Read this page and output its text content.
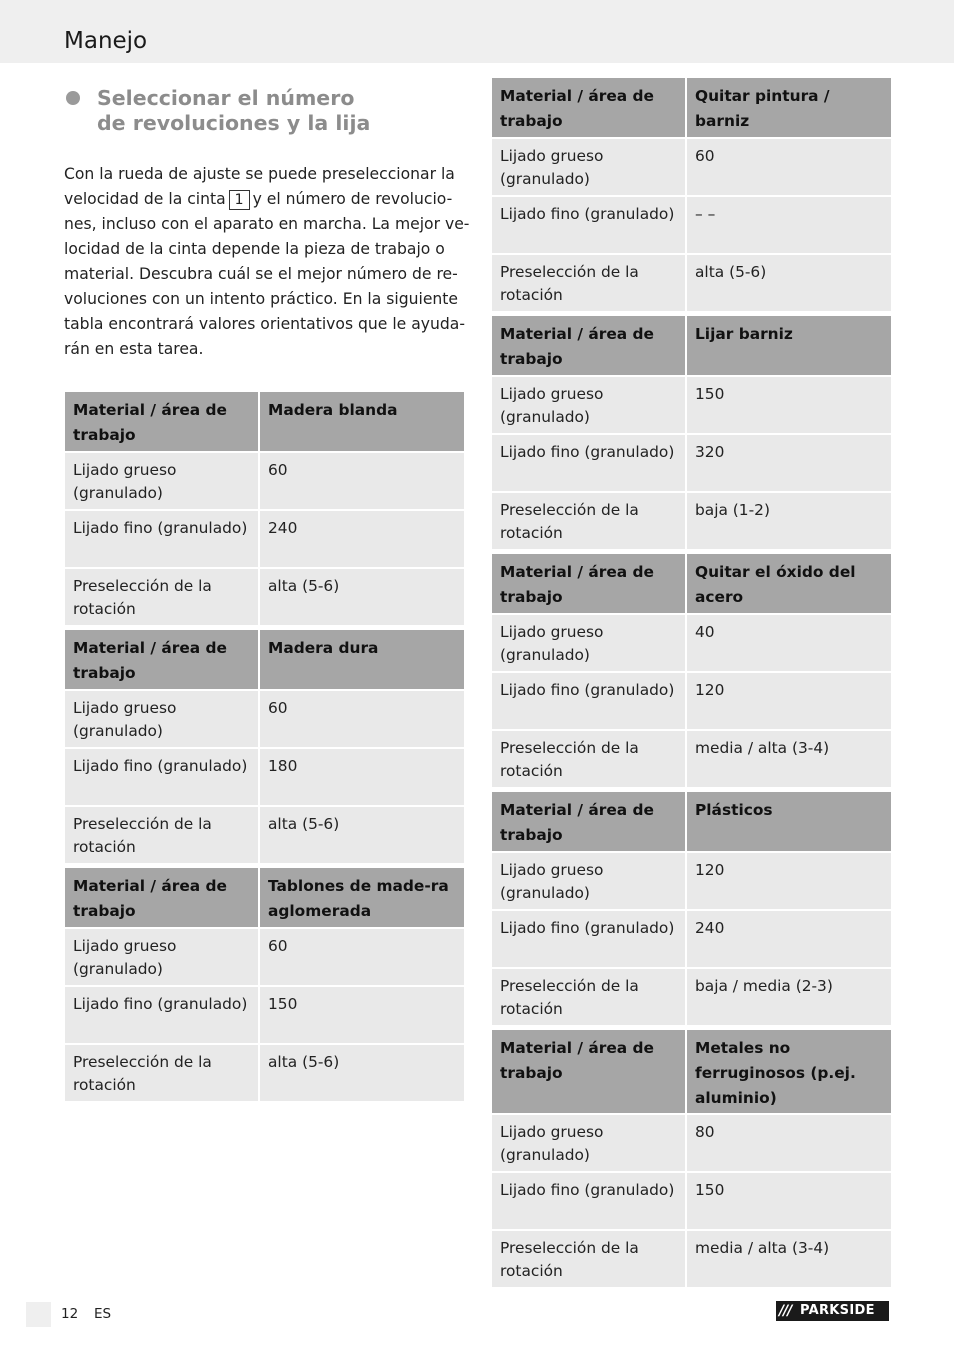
Manejo
Seleccionar el número
de revoluciones y la lija
Con la rueda de ajuste se puede preseleccionar la
velocidad de la cinta 1 y el número de revolucio-
nes, incluso con el aparato en marcha. La mejor ve-
locidad de la cinta depende la pieza de trabajo o
material. Descubra cuál se el mejor número de re-
voluciones con un intento práctico. En la siguiente
tabla encontrará valores orientativos que le ayuda-
rán en esta tarea.
Material / área de trabajo	Madera blanda
Lijado grueso (granulado)	60
Lijado fino (granulado)	240
Preselección de la rotación	alta (5-6)
Material / área de trabajo	Madera dura
Lijado grueso (granulado)	60
Lijado fino (granulado)	180
Preselección de la rotación	alta (5-6)
Material / área de trabajo	Tablones de made-ra aglomerada
Lijado grueso (granulado)	60
Lijado fino (granulado)	150
Preselección de la rotación	alta (5-6)
Material / área de trabajo	Quitar pintura / barniz
Lijado grueso (granulado)	60
Lijado fino (granulado)	– –
Preselección de la rotación	alta (5-6)
Material / área de trabajo	Lijar barniz
Lijado grueso (granulado)	150
Lijado fino (granulado)	320
Preselección de la rotación	baja (1-2)
Material / área de trabajo	Quitar el óxido del acero
Lijado grueso (granulado)	40
Lijado fino (granulado)	120
Preselección de la rotación	media / alta (3-4)
Material / área de trabajo	Plásticos
Lijado grueso (granulado)	120
Lijado fino (granulado)	240
Preselección de la rotación	baja / media (2-3)
Material / área de trabajo	Metales no ferruginosos (p.ej. aluminio)
Lijado grueso (granulado)	80
Lijado fino (granulado)	150
Preselección de la rotación	media / alta (3-4)
12 ES	/// PARKSIDE
